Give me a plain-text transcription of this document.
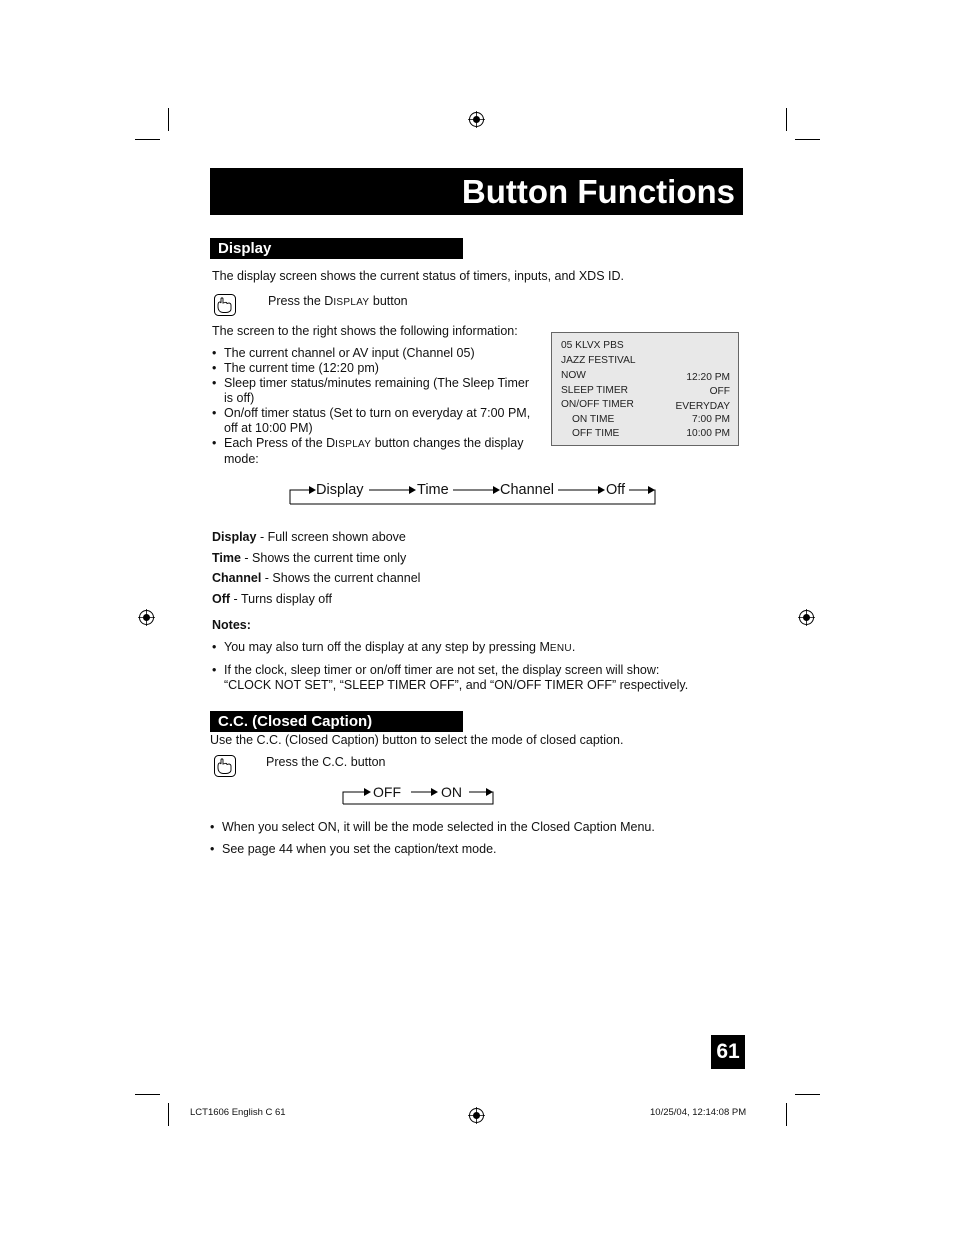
Button Functions
Display
The display screen shows the current status of timers, inputs, and XDS ID.
Press the DISPLAY button
The screen to the right shows the following information:
• The current channel or AV input (Channel 05)
• The current time (12:20 pm)
• Sleep timer status/minutes remaining (The Sleep Timer is off)
• On/off timer status (Set to turn on everyday at 7:00 PM, off at 10:00 PM)
• Each Press of the DISPLAY button changes the display mode:
05 KLVX PBS
JAZZ FESTIVAL
NOW	12:20 PM
SLEEP TIMER	OFF
ON/OFF TIMER	EVERYDAY
ON TIME	7:00 PM
OFF TIME	10:00 PM
Display	Time	Channel	Off
Display - Full screen shown above
Time - Shows the current time only
Channel - Shows the current channel
Off - Turns display off
Notes:
• You may also turn off the display at any step by pressing MENU.
• If the clock, sleep timer or on/off timer are not set, the display screen will show:
“CLOCK NOT SET”, “SLEEP TIMER OFF”, and “ON/OFF TIMER OFF” respectively.
C.C. (Closed Caption)
Use the C.C. (Closed Caption) button to select the mode of closed caption.
Press the C.C. button
OFF	ON
• When you select ON, it will be the mode selected in the Closed Caption Menu.
• See page 44 when you set the caption/text mode.
61
LCT1606 English C 61	10/25/04, 12:14:08 PM
